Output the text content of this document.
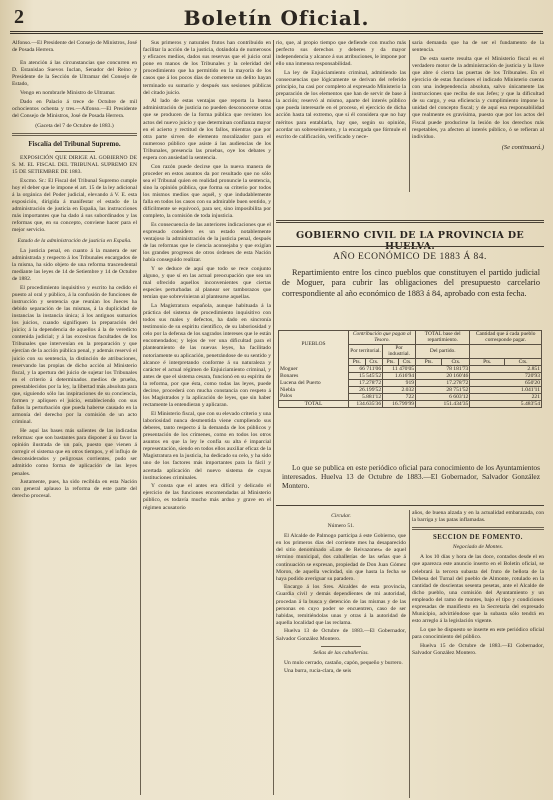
2	Boletín Oficial.

Alfonso.—El Presidente del Consejo de Ministros, José de Posada Herrera.

En atención á las circunstancias que concurren en D. Estanislao Suevos Iuclan, Senador del Reino y Presidente de la Sección de Ultramar del Consejo de Estado,

Vengo en nombrarle Ministro de Ultramar.

Dado en Palacio á trece de Octubre de mil ochocientos ochenta y tres.—Alfonso.—El Presidente del Consejo de Ministros, José de Posada Herrera.

(Gaceta del 7 de Octubre de 1883.)

Fiscalía del Tribunal Supremo.

EXPOSICIÓN QUE DIRIGE AL GOBIERNO DE S. M. EL FISCAL DEL TRIBUNAL SUPREMO EN 15 DE SETIEMBRE DE 1883.

Excmo. Sr.: El Fiscal del Tribunal Supremo cumple hoy el deber que le impone el art. 15 de la ley adicional á la orgánica del Poder judicial, elevando á V. E. esta exposición, dirigida á manifestar el estado de la administración de justicia en España, las instrucciones más importantes que ha dado á sus subordinados y las reformas que, en su concepto, conviene hacer para el mejor servicio.

Estado de la administración de justicia en España.

La justicia penal, en cuanto á la manera de ser administrada y respecto á los Tribunales encargados de la misma, ha sido objeto de una reforma trascendental mediante las leyes de 14 de Setiembre y 14 de Octubre de 1882.

El procedimiento inquisitivo y escrito ha cedido el puesto al oral y público, á la confusión de funciones de instrucción y sentencia que reunían los Jueces ha debido separación de las mismas, á la duplicidad de instancias la instancia única; á los antiguos sumarios los juicios, cuando signifiquen la preparación del juicio; á la dependencia de aquellos á la de veredicto contenida judicial; y á las excesivas facultades de los Tribunales que intervenían en la preparación y que ejercían de la acción pública penal, y además reservó el juicio con su sentencia, la distinción de atribuciones, reservando las propias de dicho acción al Ministerio fiscal, y la apertura del juicio de sujetar los Tribunales en el criterio á determinados medios de prueba, preestablecidos por la ley, la libertad más absoluta para que, siguiendo sólo las inspiraciones de su conciencia, formen y apliquen el juicio, estableciendo con sus fallos la perturbación que pueda haberse causado en la armonía del derecho por la comisión de un acto criminal.

He aquí las bases más salientes de las indicadas reformas: que son bastantes para disponer á su favor la opinión ilustrada de un país, puesto que vienen á corregir el sistema que en otros tiempos, y el influjo de desconsiderados y peligrosas corrientes, pudo ser admitido como forma de aplicación de las leyes penales.

Justamente, pues, ha sido recibida en esta Nación con general aplauso la reforma de este parte del derecho procesal.

Sus primeros y naturales frutos han contribuido en facilitar la acción de la justicia, dotándola de numerosos y eficaces medios, dados sus reservas que el juicio oral pone en manos de los Tribunales y la celeridad del procedimiento que ha permitido en la mayoría de los casos que á los pocos días de cometerse un delito hayan terminado su sumario y después sus sesiones públicas del citado juicio.

Al lado de estas ventajas que reporta la buena administración de justicia no pueden desconocerse otras que se producen de la forma pública que revisten los actos del nuevo juicio y que determinan confianza mayor en el acierto y rectitud de los fallos, mientras que por otra parte sirven de elemento moralizador para el numeroso público que asiste á las audiencias de los Tribunales, presencia las pruebas, oye los debates y espera con ansiedad la sentencia.

Con razón puede decirse que la nueva manera de proceder en estos asuntos da por resultado que no sólo sea el Tribunal quien en realidad pronuncie la sentencia, sino la opinión pública, que forma su criterio por todos los mismos medios que aquél, y que indudablemente falla en todos los casos con su admirable buen sentido, y difícilmente se equivocó, para ser, sino imposibilita por completo, la comisión de toda injusticia.

Es consecuencia de las anteriores indicaciones que el expresado considero es un estado notablemente ventajoso la administración de la justicia penal, después de las reformas que le ciencia aconsejaba y que exigían los grandes progresos de otros órdenes de esta Nación había conseguido realizar.

Y se deduce de aquí que todo se rece conjunto alguno, y que sí en las actual preocupación que sea un mal ofrecido aquellos inconvenientes que ciertas especies perturbadas al planear ser tamborazos que temían que sobrevinieran al plantearse aquellas.

La Magistratura española, aunque habituada á la práctica del sistema de procedimiento inquisitivo con todos sus males y defectos, ha dado en sincronía testimonio de su espíritu científico, de su laboriosidad y celo por la defensa de los sagrados intereses que le están encomendados; y lejos de ver una dificultad para el planteamiento de las nuevas leyes, ha facilitado notoriamente su aplicación, penetrándose de su sentido y alcance é interpretando conforme á su naturaleza y carácter el actual régimen de Enjuiciamiento criminal, y antes de que el sistema cesara, funcionó en su espíritu de la reforma, por que ésta, como todas las leyes, puede decirse, procederá con mucha constancia con respeto á los Magistrados y la aplicación de leyes, que sin haber rectamente la entendieran y aplicaran.

El Ministerio fiscal, que con su elevado criterio y una laboriosidad nunca desmentida viene cumpliendo sus deberes, tanto respecto á la demanda de los públicos y presentación de los crímenes, como en todos los otros asuntos en que la ley le confía su alta é imparcial representación, siendo en todos ellos auxiliar eficaz de la Magistratura en la justicia, ha dedicado su celo, y ha sido uno de los factores más importantes para la fácil y acertada aplicación del nuevo sistema de cuyas instituciones criminales.

Y consta que el antes era difícil y delicado el ejercicio de las funciones encomendadas al Ministerio público, es todavía mucho más arduo y grave en el régimen acusatorio

rio, que, al propio tiempo que defiende con mucho más perfecto sus derechos y deberes y da mayor independencia y alcance á sus atribuciones, le impone por ello una inmensa responsabilidad.

La ley de Enjuiciamiento criminal, admitiendo las consecuencias que lógicamente se derivan del referido principio, ha casi por completo al expresado Ministerio la preparación de los elementos que han de servir de base á la acción; reservó al mismo, aparte del interés público que pueda interesarle en el proceso, el ejercicio de dicha acción hasta tal extremo, que si él considera que no hay méritos para entablarla, hay que, según su opinión, acordar un sobreseimiento, y la encargada que fórmule el escrito de calificación, verificado y nece-

saria demanda que ha de ser el fundamento de la sentencia.

De esta suerte resulta que el Ministerio fiscal es el verdadero motor de la administración de justicia y la llave que abre ó cierra las puertas de los Tribunales. En el ejercicio de estas funciones el indicado Ministerio cuenta con una independencia absoluta, salvo únicamente las instrucciones que reciba de sus Jefes; y que la dificultad de su cargo, y esa eficiencia y cumplimiento impone la unidad del concepto fiscal; y de aquí esa responsabilidad que realmente es gravísima, puesto que por los actos del Fiscal puede producirse la lesión de los derechos más respetables, ya afecten al interés público, ó se refieran al individuo.

(Se continuará.)
GOBIERNO CIVIL DE LA PROVINCIA DE HUELVA.
AÑO ECONÓMICO DE 1883 Á 84.
Repartimiento entre los cinco pueblos que constituyen el partido judicial de Moguer, para cubrir las obligaciones del presupuesto carcelario correspondiente al año económico de 1883 á 84, aprobado con esta fecha.
PUEBLOS	Contribución que pagan al Tesoro.				TOTAL base del repartimiento.		Cantidad que á cada pueblo corresponde pagar.	
	Por territorial.		Por industrial.		Del partido.			
	Pts.	Cts.	Pts.	Cts.	Pts.	Cts.	Pts.	Cts.
Moguer	66 711'06		11 470'05		78 181'73		2.851	
Bonares	15 545'52		1.616'94		20 160'46		720'93	
Lucena del Puerto	17.278'72		919		17.278'72		650'20	
Niebla	26.199'52		2.032		28 751'52		1.041'11	
Palos	5.881'12		722		6 603'12		221	
TOTAL	134.635'36		16.799'99		151.434'35		5.483'54	
Lo que se publica en este periódico oficial para conocimiento de los Ayuntamientos interesados. Huelva 13 de Octubre de 1883.—El Gobernador, Salvador González Montero.

Circular.

Número 51.

El Alcalde de Palmogo participa á este Gobierno, que en los primeros días del corriente mes ha desaparecido del sitio denominado «Lote de Reivazones» de aquel término municipal, dos caballerías de las señas que á continuación se expresan, propiedad de Don Juan Gómez Moron, de aquella vecindad, sin que hasta la fecha se haya podido averiguar su paradero.

Encargo á los Sres. Alcaldes de esta provincia, Guardia civil y demás dependientes de mi autoridad, procedan á la busca y detención de las mismas y de las personas en cuyo poder se encuentren, caso de ser habidas, remitiéndolas unas y otras á la autoridad de aquella localidad que las reclama.

Huelva 13 de Octubre de 1883.—El Gobernador, Salvador González Montero.

Señas de las caballerías.

Un mulo cerrado, castaño, capón, pequeño y burrero.

Una burra, rucia-clara, de seis

años, de buena alzada y en la actualidad embarazada, con la barriga y las patas inflamadas.

SECCION DE FOMENTO.

Negociado de Montes.

A los 10 días y hora de las doce, contados desde el en que aparezca este anuncio inserto en el Boletín oficial, se celebrará la tercera subasta del fruto de bellota de la Dehesa del Turnal del pueblo de Almonte, rotulado en la cantidad de doscientas sesenta pesetas, ante el Alcalde de dicho pueblo, una comisión del Ayuntamiento y un empleado del ramo de montes, bajo el tipo y condiciones expresadas de manifiesto en la Secretaría del expresado Municipio, advirtiéndose que la subasta sólo tendrá en esto arreglo á la legislación vigente.

Lo que he dispuesto se inserte en este periódico oficial para conocimiento del público.

Huelva 15 de Octubre de 1883.—El Gobernador, Salvador González Montero.
